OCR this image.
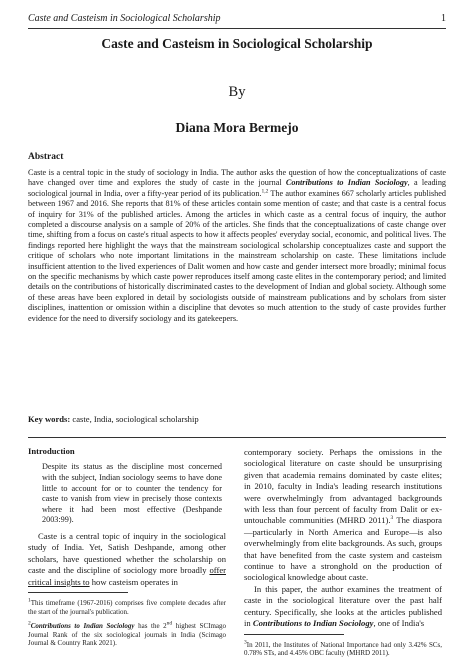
Caste and Casteism in Sociological Scholarship	1
Caste and Casteism in Sociological Scholarship
By
Diana Mora Bermejo
Abstract

Caste is a central topic in the study of sociology in India. The author asks the question of how the conceptualizations of caste have changed over time and explores the study of caste in the journal Contributions to Indian Sociology, a leading sociological journal in India, over a fifty-year period of its publication.$^{1,2}$ The author examines 667 scholarly articles published between 1967 and 2016. She reports that 81% of these articles contain some mention of caste; and that caste is a central focus of inquiry for 31% of the published articles. Among the articles in which caste as a central focus of inquiry, the author completed a discourse analysis on a sample of 20% of the articles. She finds that the conceptualizations of caste change over time, shifting from a focus on caste's ritual aspects to how it affects peoples' everyday social, economic, and political lives. The findings reported here highlight the ways that the mainstream sociological scholarship conceptualizes caste and support the critique of scholars who note important limitations in the mainstream scholarship on caste. These limitations include insufficient attention to the lived experiences of Dalit women and how caste and gender intersect more broadly; minimal focus on the specific mechanisms by which caste power reproduces itself among caste elites in the contemporary period; and limited details on the contributions of historically discriminated castes to the development of Indian and global society. Although some of these areas have been explored in detail by sociologists outside of mainstream publications and by scholars from sister disciplines, inattention or omission within a discipline that devotes so much attention to the study of caste provides further evidence for the need to diversify sociology and its gatekeepers.

Key words: caste, India, sociological scholarship

Introduction

Despite its status as the discipline most concerned with the subject, Indian sociology seems to have done little to account for or to counter the tendency for caste to vanish from view in precisely those contexts where it had been most effective (Deshpande 2003:99).

Caste is a central topic of inquiry in the sociological study of India. Yet, Satish Deshpande, among other scholars, have questioned whether the scholarship on caste and the discipline of sociology more broadly offer critical insights to how casteism operates in

$^1$This timeframe (1967-2016) comprises five complete decades after the start of the journal's publication.

$^2$Contributions to Indian Sociology has the 2nd highest SCImago Journal Rank of the six sociological journals in India (Scimago Journal & Country Rank 2021).

contemporary society. Perhaps the omissions in the sociological literature on caste should be unsurprising given that academia remains dominated by caste elites; in 2010, faculty in India's leading research institutions were overwhelmingly from advantaged backgrounds with less than four percent of faculty from Dalit or ex-untouchable communities (MHRD 2011).$^3$ The diaspora—particularly in North America and Europe—is also overwhelmingly from elite backgrounds. As such, groups that have benefited from the caste system and casteism continue to have a stronghold on the production of sociological knowledge about caste.

In this paper, the author examines the treatment of caste in the sociological literature over the past half century. Specifically, she looks at the articles published in Contributions to Indian Sociology, one of India's

$^3$In 2011, the Institutes of National Importance had only 3.42% SCs, 0.78% STs, and 4.45% OBC faculty (MHRD 2011).
